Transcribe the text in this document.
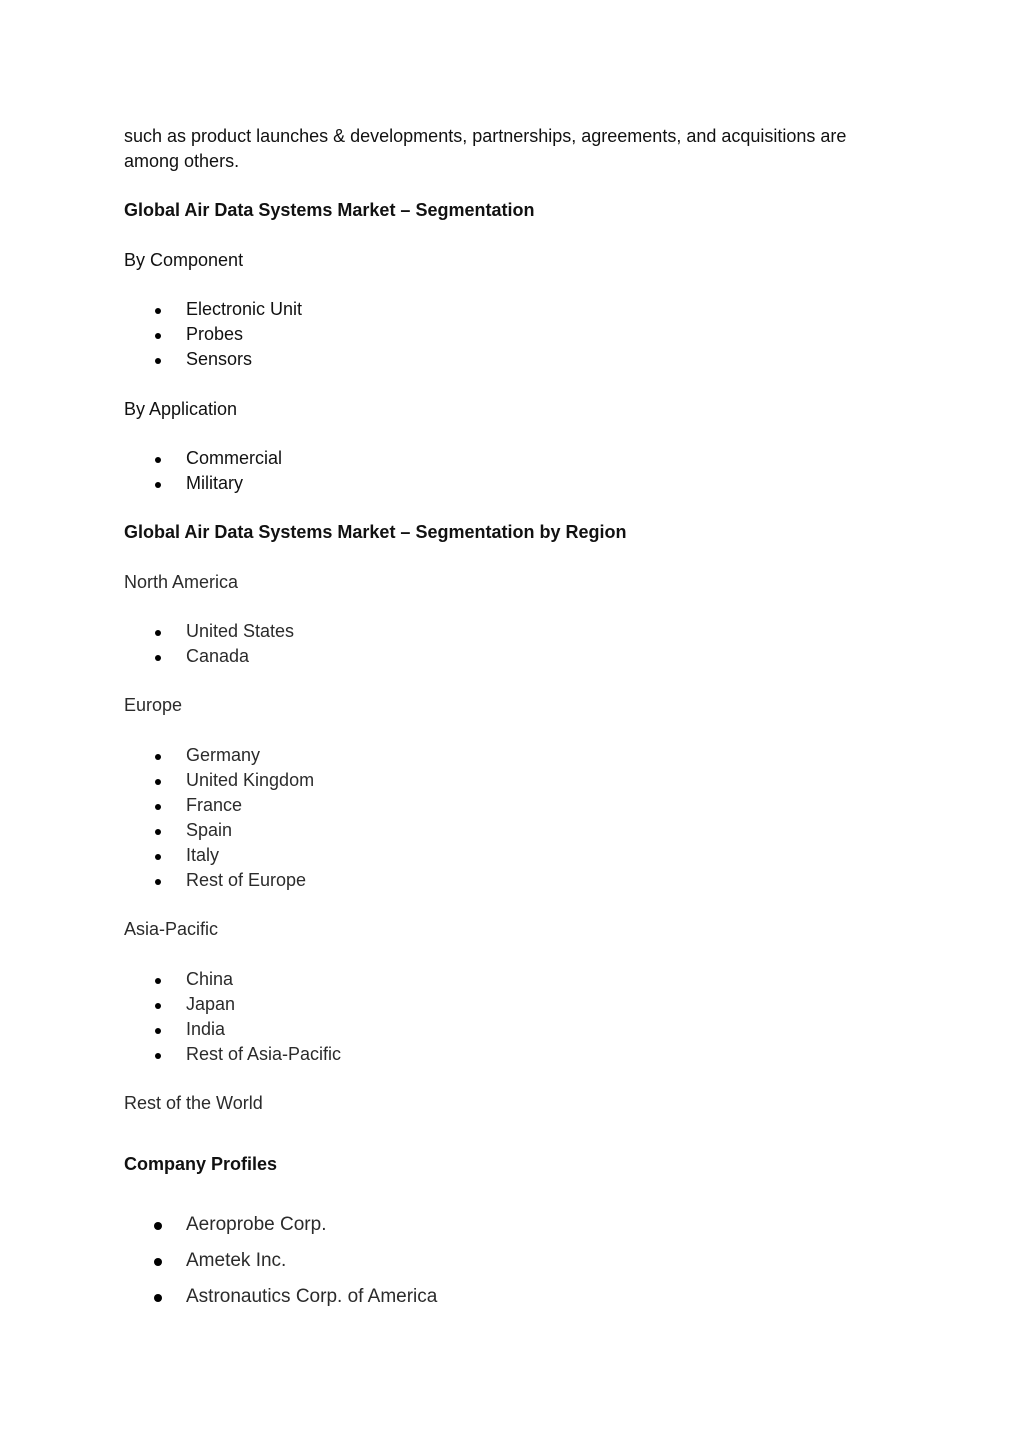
such as product launches & developments, partnerships, agreements, and acquisitions are among others.

Global Air Data Systems Market – Segmentation
By Component
Electronic Unit
Probes
Sensors
By Application
Commercial
Military
Global Air Data Systems Market – Segmentation by Region
North America
United States
Canada
Europe
Germany
United Kingdom
France
Spain
Italy
Rest of Europe
Asia-Pacific
China
Japan
India
Rest of Asia-Pacific
Rest of the World
Company Profiles
Aeroprobe Corp.
Ametek Inc.
Astronautics Corp. of America
